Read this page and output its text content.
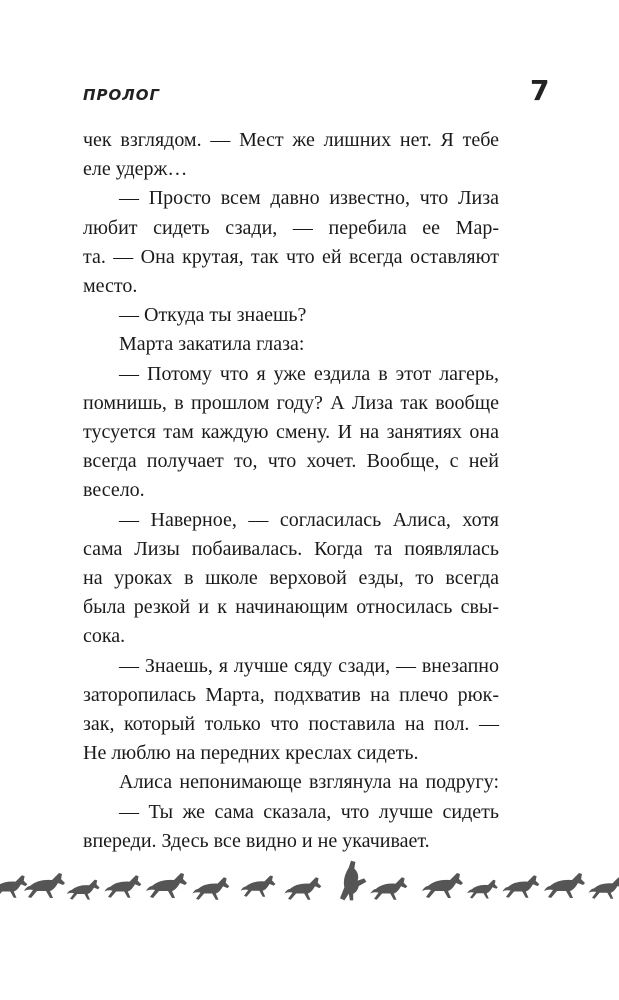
ПРОЛОГ	7
чек взглядом. — Мест же лишних нет. Я тебе
еле удерж…
— Просто всем давно известно, что Лиза
любит сидеть сзади, — перебила ее Мар-
та. — Она крутая, так что ей всегда оставляют
место.
— Откуда ты знаешь?
Марта закатила глаза:
— Потому что я уже ездила в этот лагерь,
помнишь, в прошлом году? А Лиза так вообще
тусуется там каждую смену. И на занятиях она
всегда получает то, что хочет. Вообще, с ней
весело.
— Наверное, — согласилась Алиса, хотя
сама Лизы побаивалась. Когда та появлялась
на уроках в школе верховой езды, то всегда
была резкой и к начинающим относилась свы-
сока.
— Знаешь, я лучше сяду сзади, — внезапно
заторопилась Марта, подхватив на плечо рюк-
зак, который только что поставила на пол. —
Не люблю на передних креслах сидеть.
Алиса непонимающе взглянула на подругу:
— Ты же сама сказала, что лучше сидеть
впереди. Здесь все видно и не укачивает.
